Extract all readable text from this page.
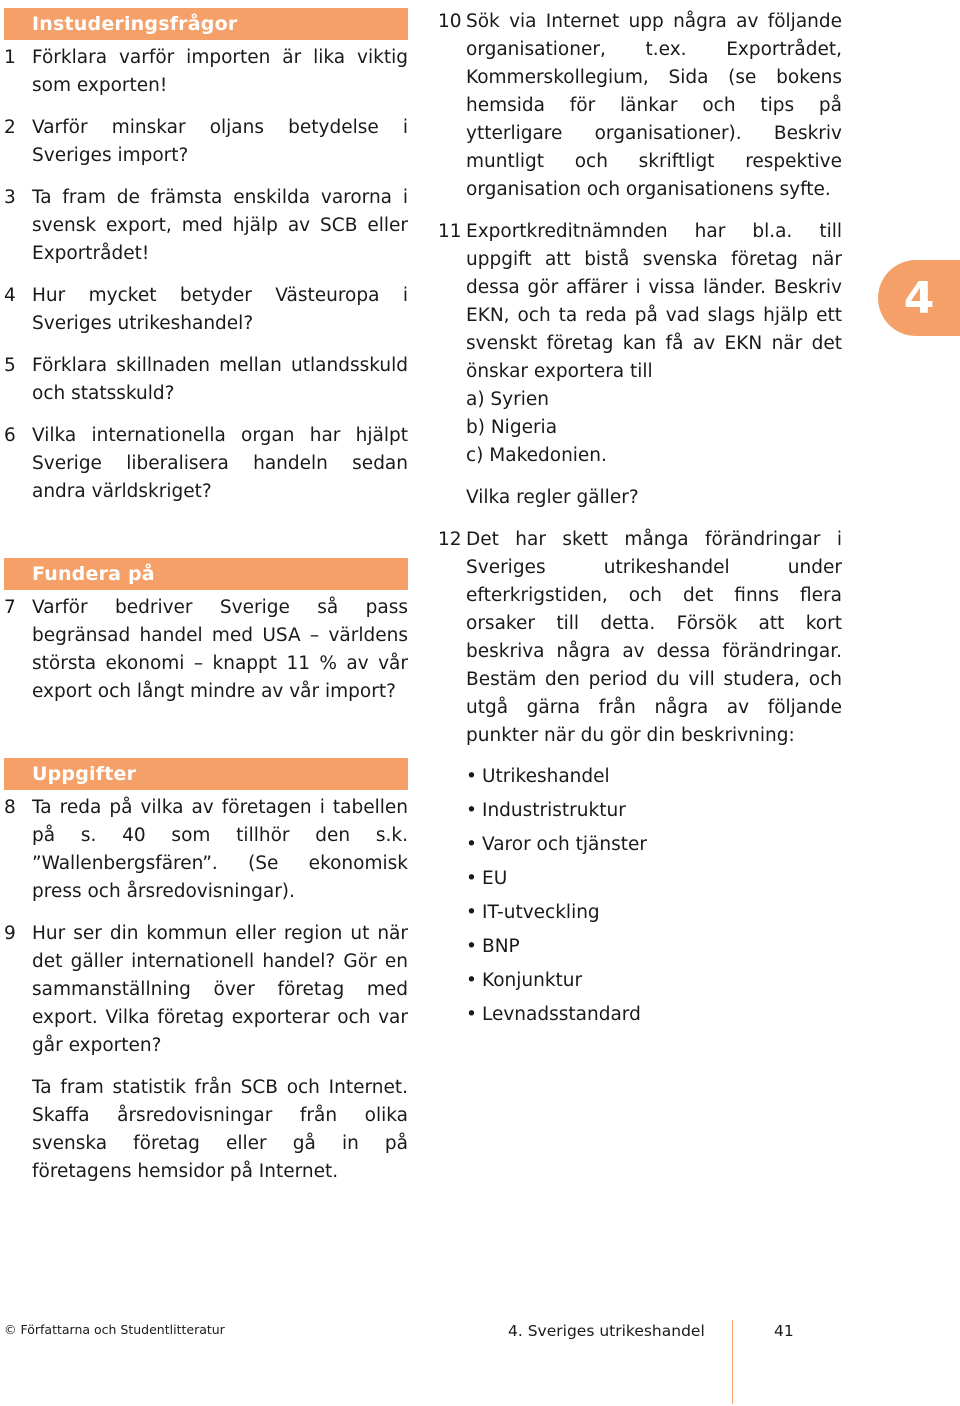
Instuderingsfrågor
1 Förklara varför importen är lika viktig som exporten!
2 Varför minskar oljans betydelse i Sveriges import?
3 Ta fram de främsta enskilda varorna i svensk export, med hjälp av SCB eller Exportrådet!
4 Hur mycket betyder Västeuropa i Sveriges utrikeshandel?
5 Förklara skillnaden mellan utlandsskuld och statsskuld?
6 Vilka internationella organ har hjälpt Sverige liberalisera handeln sedan andra världskriget?
Fundera på
7 Varför bedriver Sverige så pass begränsad handel med USA – världens största ekonomi – knappt 11 % av vår export och långt mindre av vår import?
Uppgifter
8 Ta reda på vilka av företagen i tabellen på s. 40 som tillhör den s.k. ”Wallenbergsfären”. (Se ekonomisk press och årsredovisningar).
9 Hur ser din kommun eller region ut när det gäller internationell handel? Gör en sammanställning över företag med export. Vilka företag exporterar och var går exporten?
Ta fram statistik från SCB och Internet. Skaffa årsredovisningar från olika svenska företag eller gå in på företagens hemsidor på Internet.
10 Sök via Internet upp några av följande organisationer, t.ex. Exportrådet, Kommerskollegium, Sida (se bokens hemsida för länkar och tips på ytterligare organisationer). Beskriv muntligt och skriftligt respektive organisation och organisationens syfte.
11 Exportkreditnämnden har bl.a. till uppgift att bistå svenska företag när dessa gör affärer i vissa länder. Beskriv EKN, och ta reda på vad slags hjälp ett svenskt företag kan få av EKN när det önskar exportera till
a) Syrien
b) Nigeria
c) Makedonien.
Vilka regler gäller?
12 Det har skett många förändringar i Sveriges utrikeshandel under efterkrigstiden, och det finns flera orsaker till detta. Försök att kort beskriva några av dessa förändringar. Bestäm den period du vill studera, och utgå gärna från några av följande punkter när du gör din beskrivning:
• Utrikeshandel
• Industristruktur
• Varor och tjänster
• EU
• IT-utveckling
• BNP
• Konjunktur
• Levnadsstandard
4
© Författarna och Studentlitteratur	4. Sveriges utrikeshandel	41
